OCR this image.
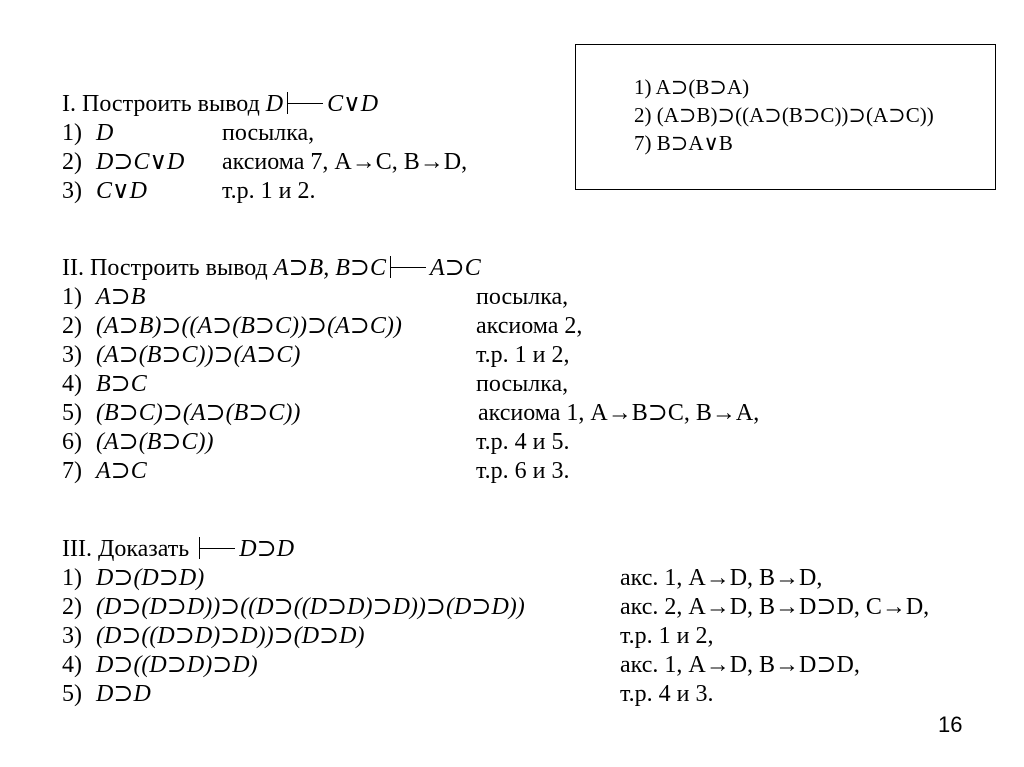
1) A⊃(B⊃A)
2) (A⊃B)⊃((A⊃(B⊃C))⊃(A⊃C))
7) B⊃A∨B
I. Построить вывод D C∨D
1) D	посылка,
2) D⊃C∨D аксиома 7, A→C, B→D,
3) C∨D	т.р. 1 и 2.
II. Построить вывод A⊃B, B⊃C A⊃C
1) A⊃B	посылка,
2) (A⊃B)⊃((A⊃(B⊃C))⊃(A⊃C))	аксиома 2,
3) (A⊃(B⊃C))⊃(A⊃C)	т.р. 1 и 2,
4) B⊃C	посылка,
5) (B⊃C)⊃(A⊃(B⊃C))	аксиома 1, A→B⊃C, B→A,
6) (A⊃(B⊃C))	т.р. 4 и 5.
7) A⊃C	т.р. 6 и 3.
III. Доказать D⊃D
1) D⊃(D⊃D)	акс. 1, A→D, B→D,
2) (D⊃(D⊃D))⊃((D⊃((D⊃D)⊃D))⊃(D⊃D))	акс. 2, A→D, B→D⊃D, C→D,
3) (D⊃((D⊃D)⊃D))⊃(D⊃D)	т.р. 1 и 2,
4) D⊃((D⊃D)⊃D)	акс. 1, A→D, B→D⊃D,
5) D⊃D	т.р. 4 и 3.
16
